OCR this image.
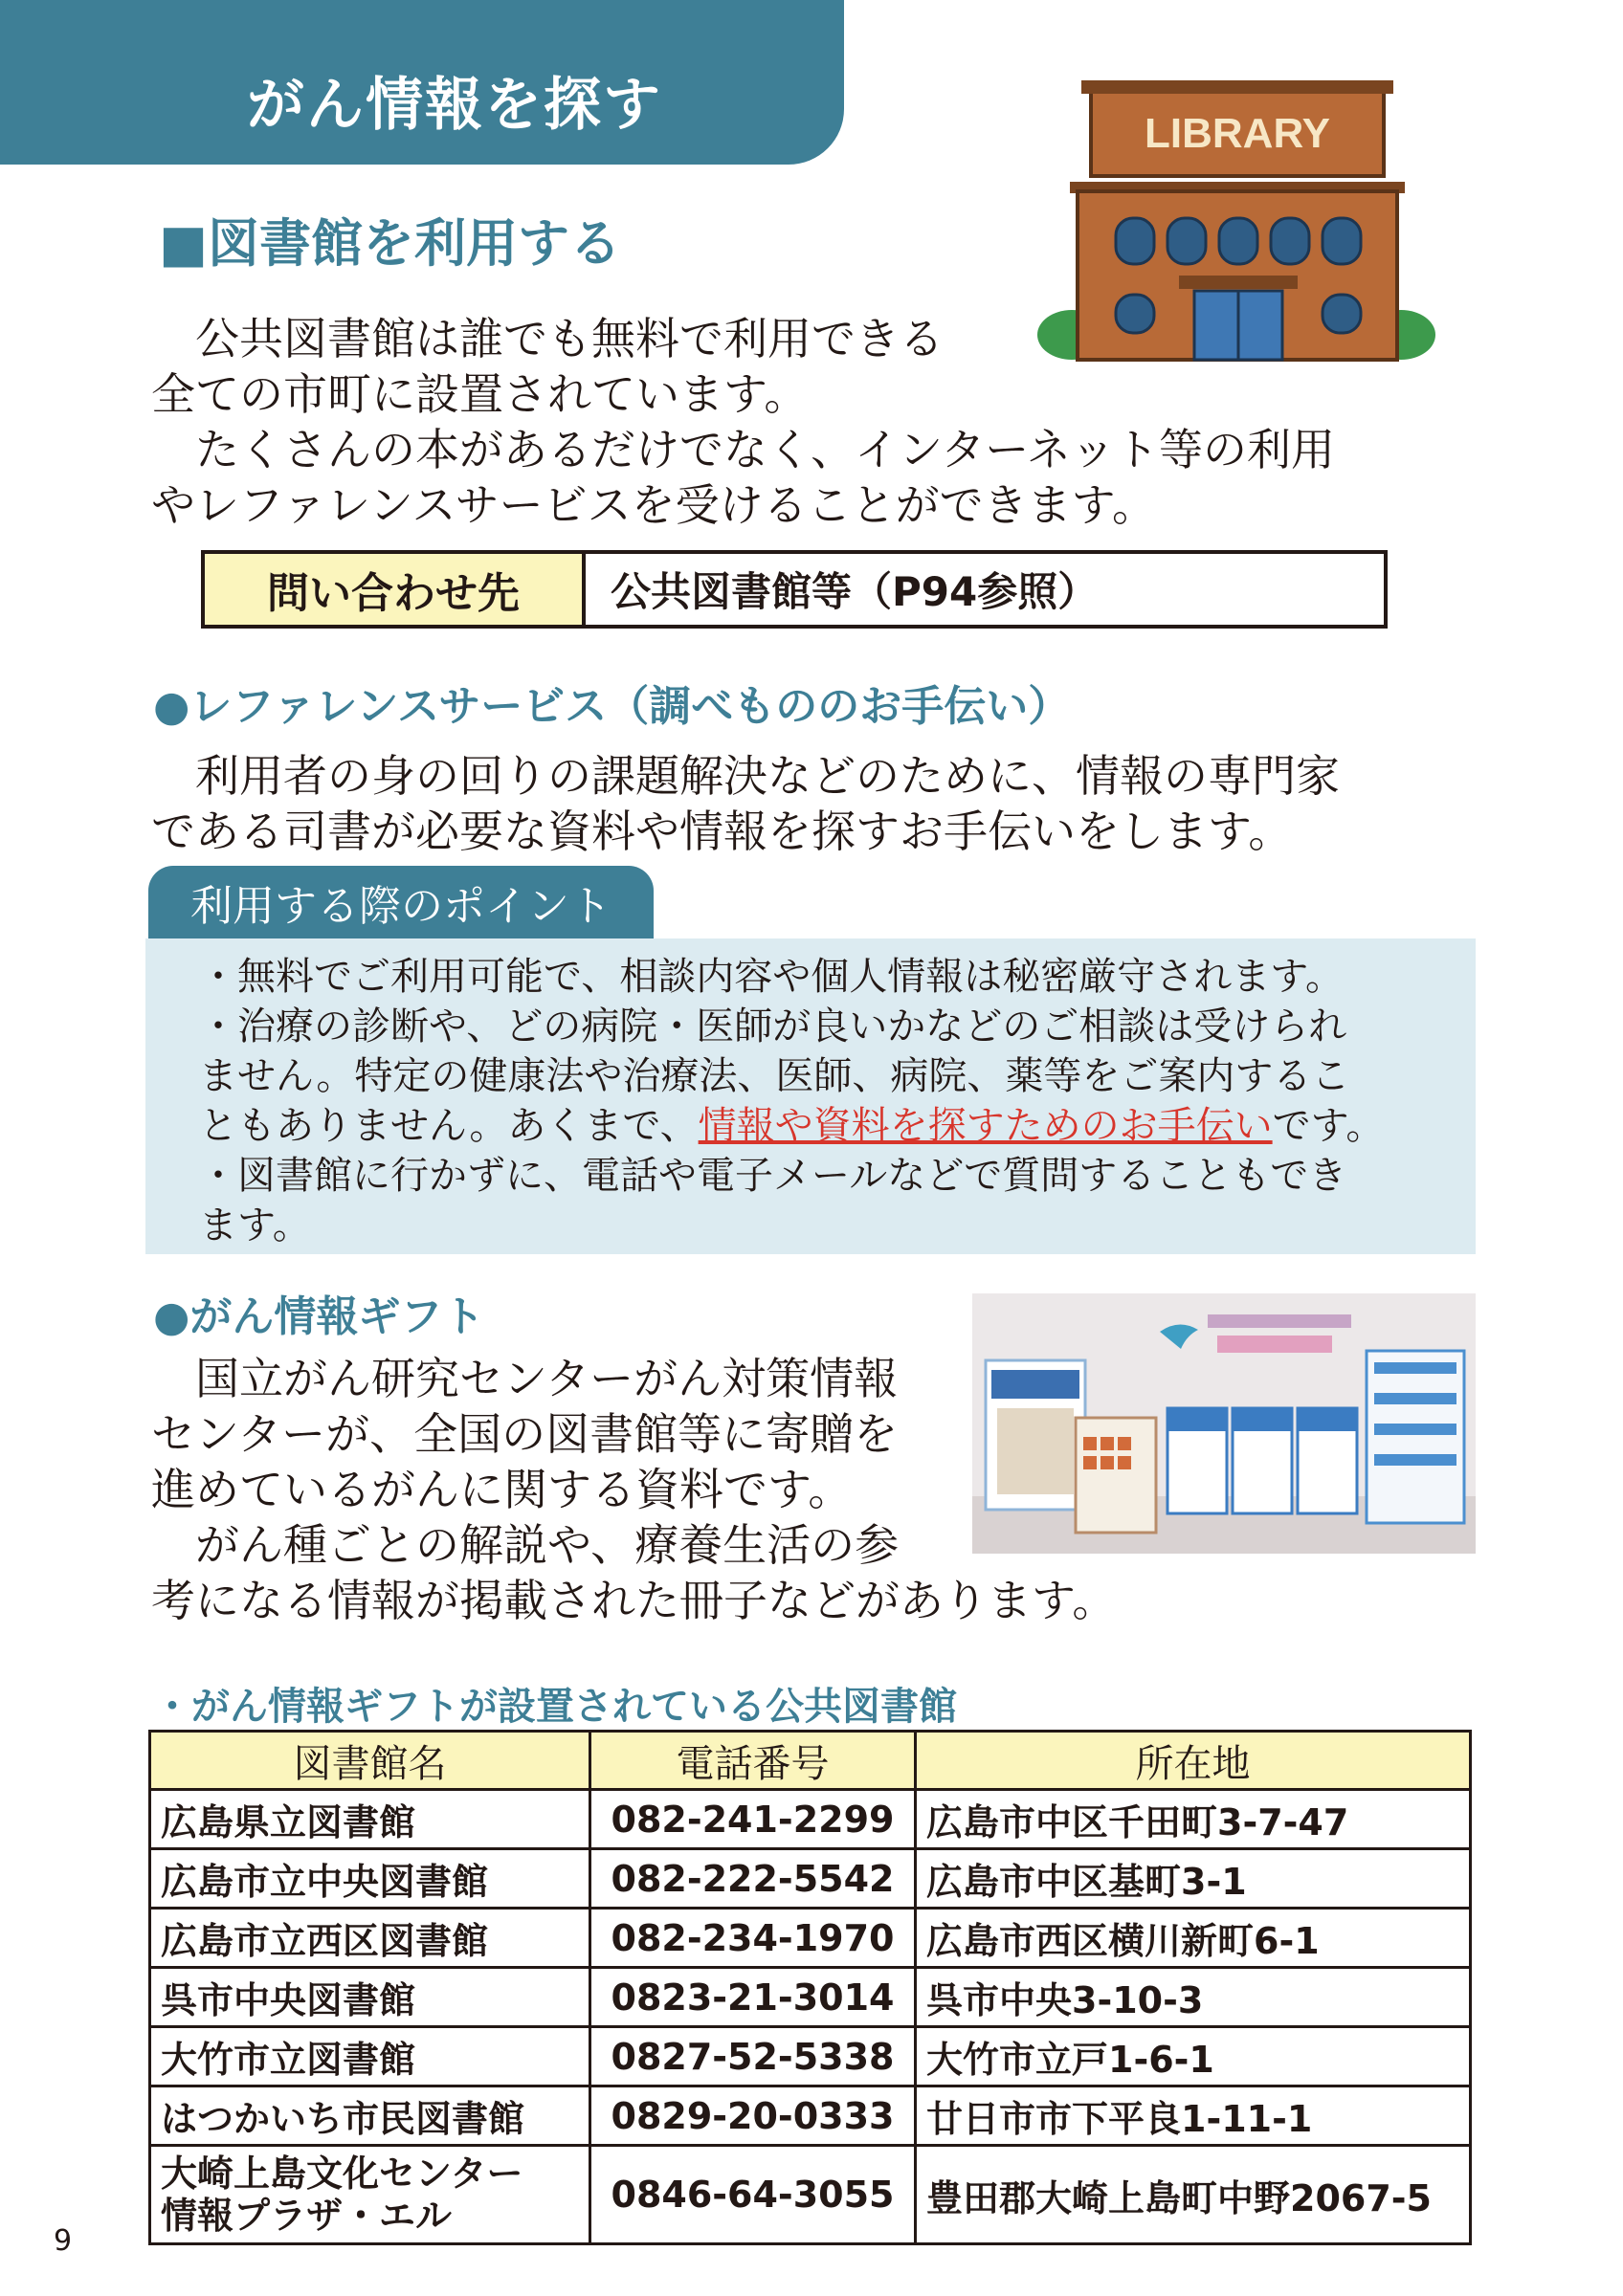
がん情報を探す
■図書館を利用する
LIBRARY
　公共図書館は誰でも無料で利用できる
全ての市町に設置されています。
　たくさんの本があるだけでなく、インターネット等の利用
やレファレンスサービスを受けることができます。
問い合わせ先	公共図書館等（P94参照）
●レファレンスサービス（調べもののお手伝い）
　利用者の身の回りの課題解決などのために、情報の専門家
である司書が必要な資料や情報を探すお手伝いをします。
利用する際のポイント
・無料でご利用可能で、相談内容や個人情報は秘密厳守されます。
・治療の診断や、どの病院・医師が良いかなどのご相談は受けられ
ません。特定の健康法や治療法、医師、病院、薬等をご案内するこ
ともありません。あくまで、情報や資料を探すためのお手伝いです。
・図書館に行かずに、電話や電子メールなどで質問することもでき
ます。
●がん情報ギフト
　国立がん研究センターがん対策情報
センターが、全国の図書館等に寄贈を
進めているがんに関する資料です。
　がん種ごとの解説や、療養生活の参
考になる情報が掲載された冊子などがあります。
・がん情報ギフトが設置されている公共図書館
図書館名	電話番号	所在地
広島県立図書館	082-241-2299	広島市中区千田町3-7-47
広島市立中央図書館	082-222-5542	広島市中区基町3-1
広島市立西区図書館	082-234-1970	広島市西区横川新町6-1
呉市中央図書館	0823-21-3014	呉市中央3-10-3
大竹市立図書館	0827-52-5338	大竹市立戸1-6-1
はつかいち市民図書館	0829-20-0333	廿日市市下平良1-11-1

大崎上島文化センター
情報プラザ・エル	0846-64-3055	豊田郡大崎上島町中野2067-5
9
